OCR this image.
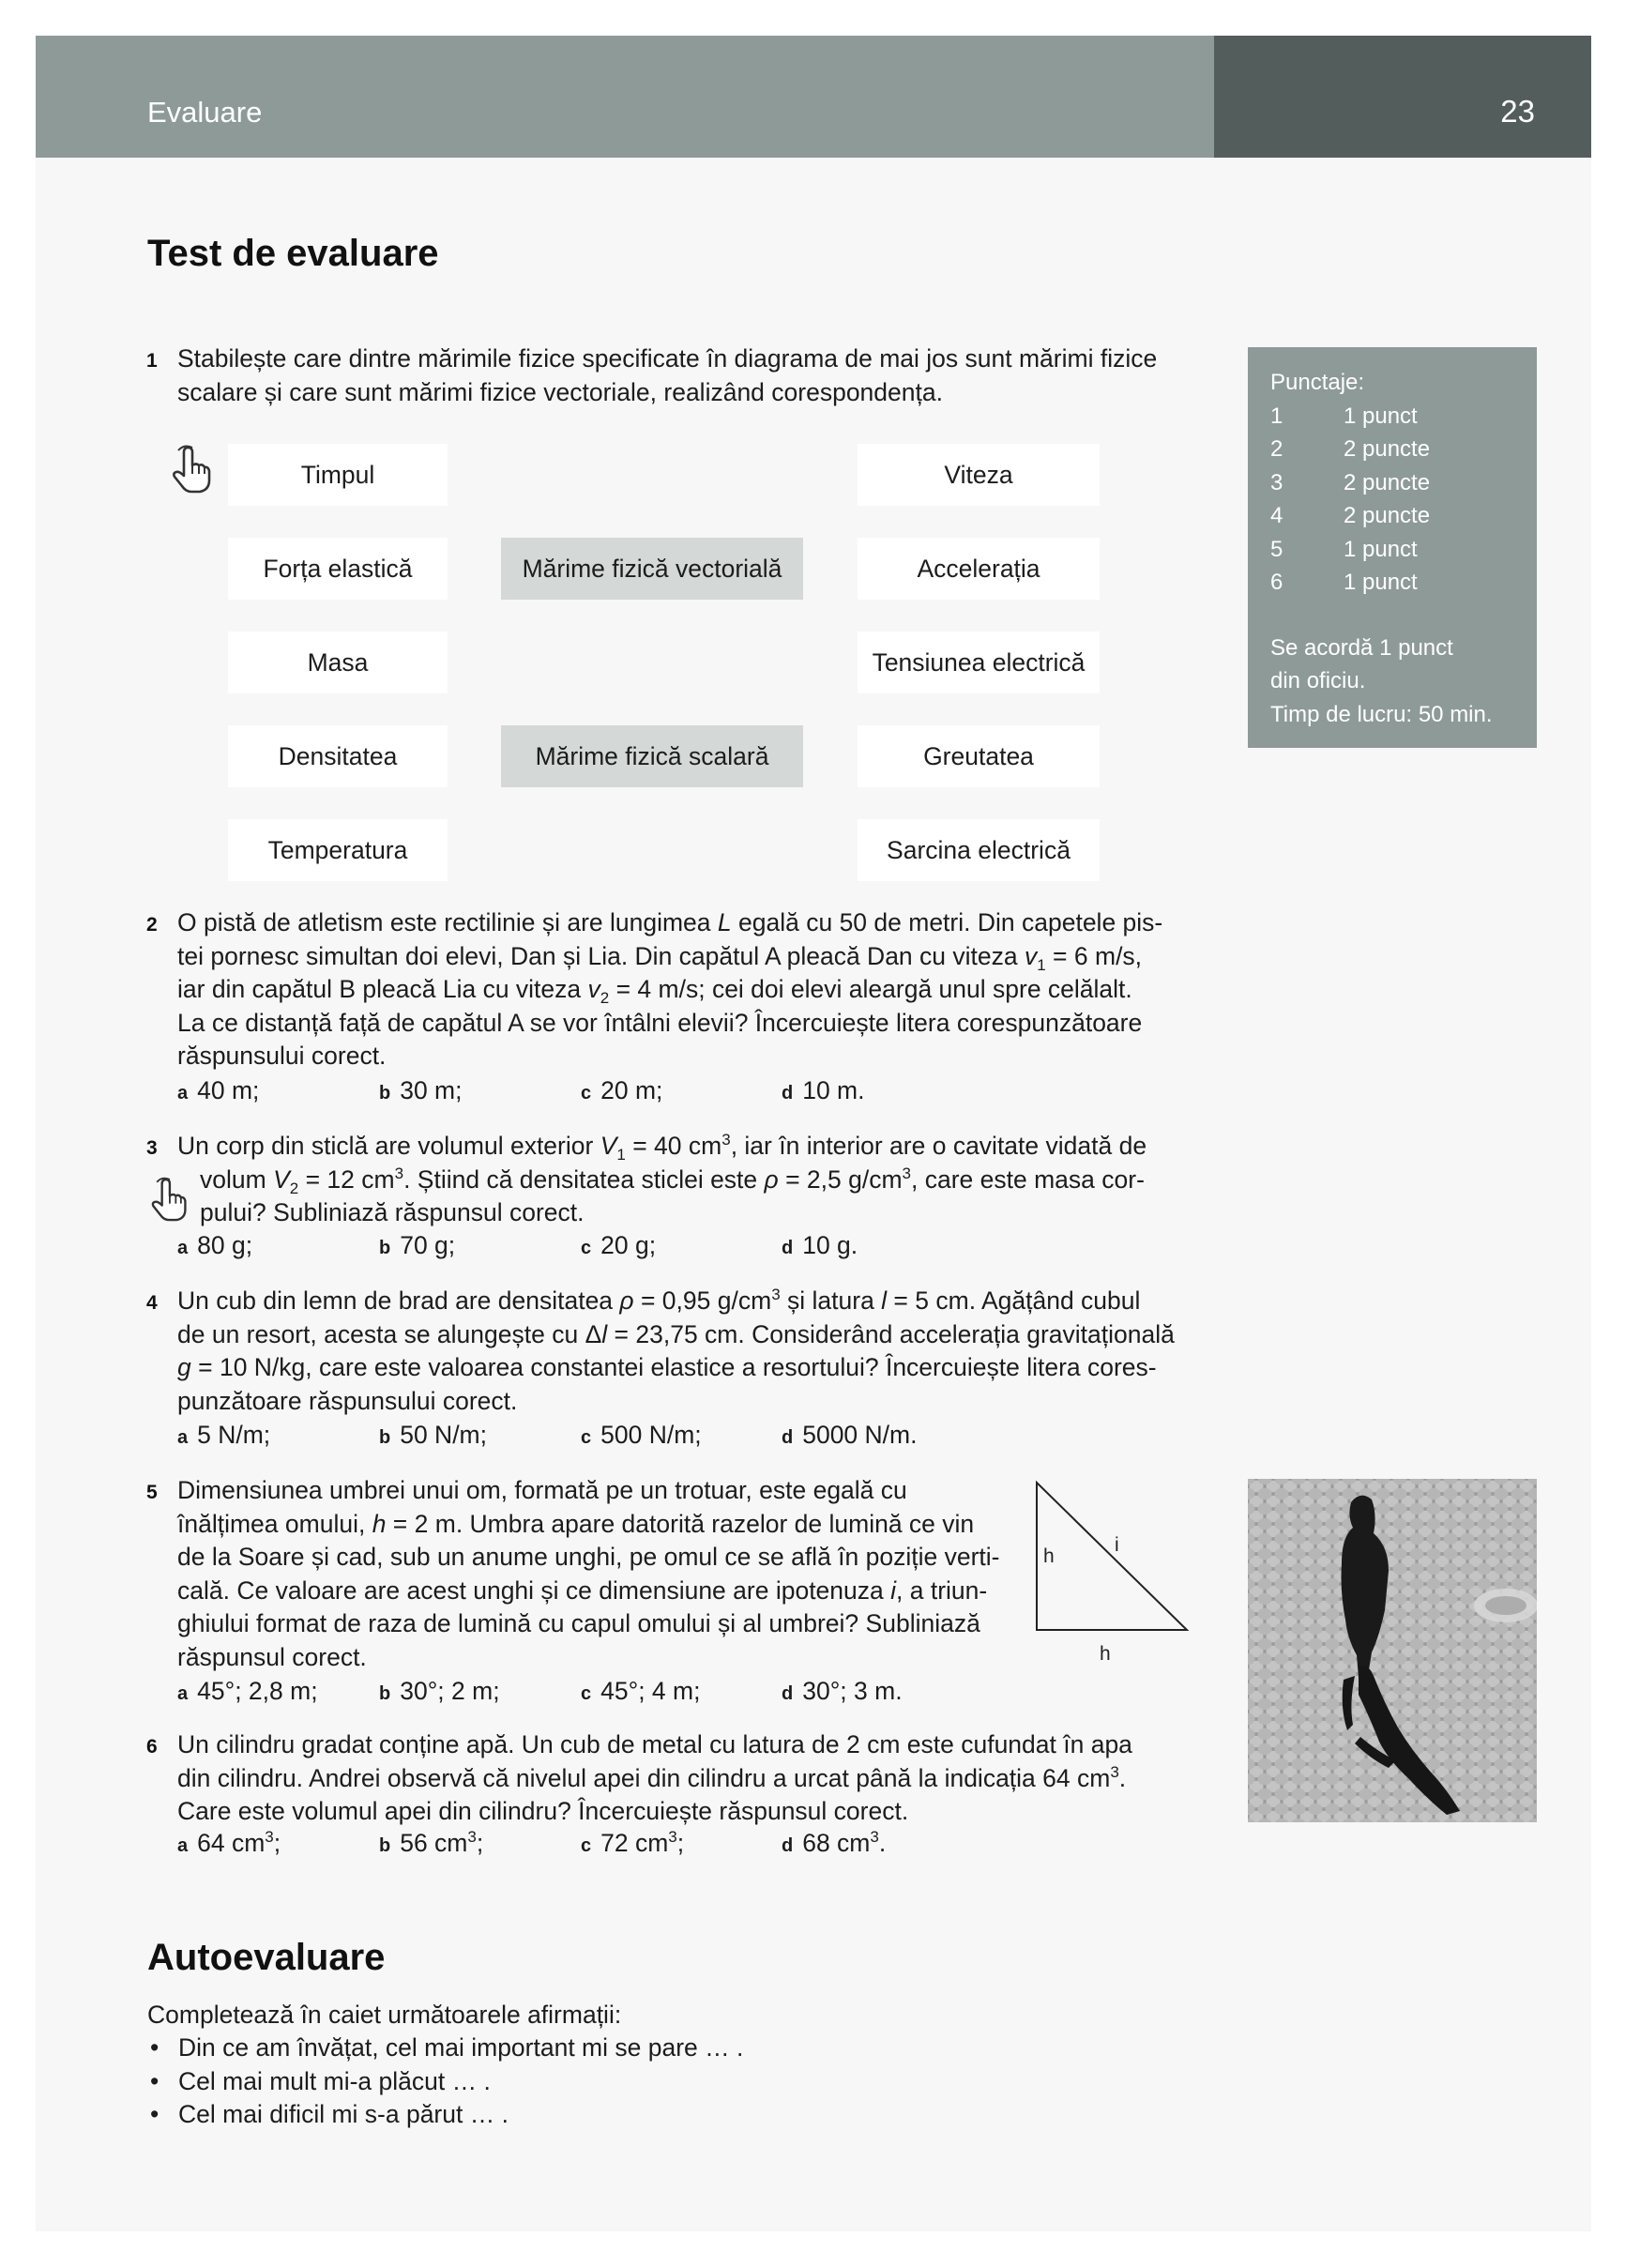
Evaluare	23
Test de evaluare
1 Stabilește care dintre mărimile fizice specificate în diagrama de mai jos sunt mărimi fizice scalare și care sunt mărimi fizice vectoriale, realizând corespondența.
Timpul
Forța elastică
Masa
Densitatea
Temperatura
Mărime fizică vectorială
Mărime fizică scalară
Viteza
Accelerația
Tensiunea electrică
Greutatea
Sarcina electrică
Punctaje:
1	1 punct
2	2 puncte
3	2 puncte
4	2 puncte
5	1 punct
6	1 punct
Se acordă 1 punct
din oficiu.
Timp de lucru: 50 min.
2 O pistă de atletism este rectilinie și are lungimea L egală cu 50 de metri. Din capetele pis-
tei pornesc simultan doi elevi, Dan și Lia. Din capătul A pleacă Dan cu viteza $v_1 = 6$ m/s,
iar din capătul B pleacă Lia cu viteza $v_2 = 4$ m/s; cei doi elevi aleargă unul spre celălalt.
La ce distanță față de capătul A se vor întâlni elevii? Încercuiește litera corespunzătoare
răspunsului corect.
a 40 m;	b 30 m;	c 20 m;	d 10 m.
3 Un corp din sticlă are volumul exterior $V_1 = 40$ $cm^3$, iar în interior are o cavitate vidată de
volum $V_2 = 12$ $cm^3$. Știind că densitatea sticlei este ρ = 2,5 $g/cm^3$, care este masa cor-
pului? Subliniază răspunsul corect.
a 80 g;	b 70 g;	c 20 g;	d 10 g.
4 Un cub din lemn de brad are densitatea ρ = 0,95 $g/cm^3$ și latura l = 5 cm. Agățând cubul
de un resort, acesta se alungește cu Δl = 23,75 cm. Considerând accelerația gravitațională
g = 10 N/kg, care este valoarea constantei elastice a resortului? Încercuiește litera cores-
punzătoare răspunsului corect.
a 5 N/m;	b 50 N/m;	c 500 N/m;	d 5000 N/m.
5 Dimensiunea umbrei unui om, formată pe un trotuar, este egală cu
înălțimea omului, h = 2 m. Umbra apare datorită razelor de lumină ce vin
de la Soare și cad, sub un anume unghi, pe omul ce se află în poziție verti-
cală. Ce valoare are acest unghi și ce dimensiune are ipotenuza i, a triun-
ghiului format de raza de lumină cu capul omului și al umbrei? Subliniază
răspunsul corect.
a 45°; 2,8 m;	b 30°; 2 m;	c 45°; 4 m;	d 30°; 3 m.
h
i
h
6 Un cilindru gradat conține apă. Un cub de metal cu latura de 2 cm este cufundat în apa
din cilindru. Andrei observă că nivelul apei din cilindru a urcat până la indicația 64 $cm^3$.
Care este volumul apei din cilindru? Încercuiește răspunsul corect.
a 64 $cm^3$;	b 56 $cm^3$;	c 72 $cm^3$;	d 68 $cm^3$.
Autoevaluare
Completează în caiet următoarele afirmații:
• Din ce am învățat, cel mai important mi se pare … .
• Cel mai mult mi-a plăcut … .
• Cel mai dificil mi s-a părut … .
